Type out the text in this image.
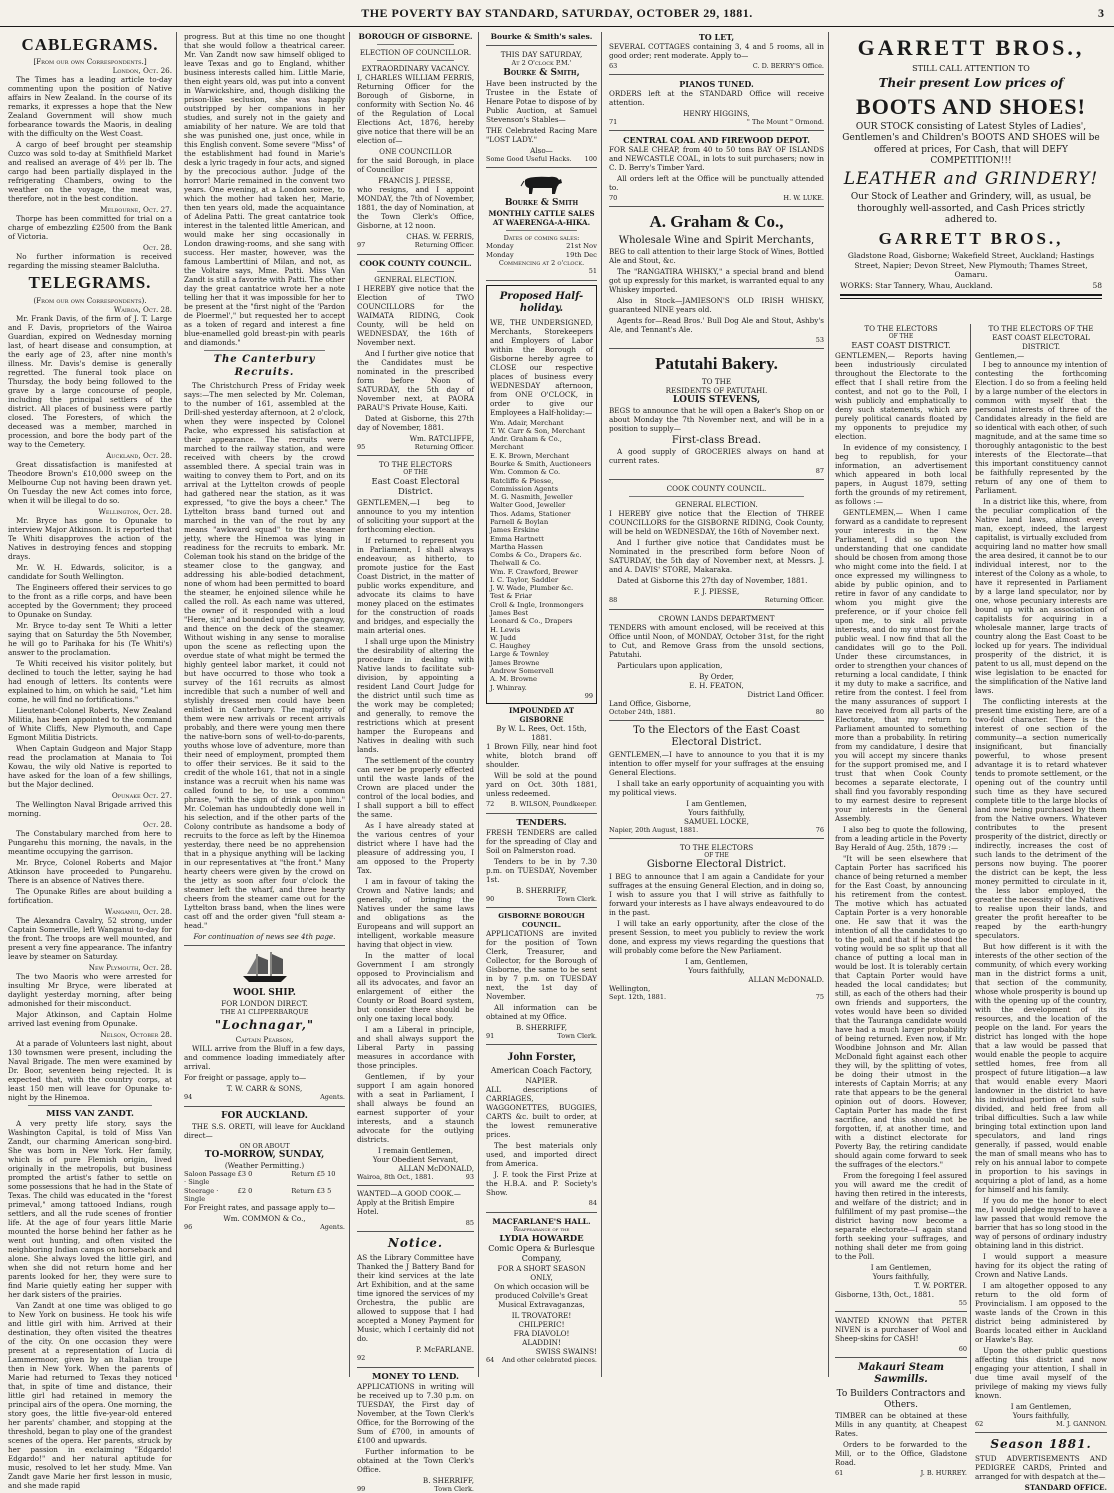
THE POVERTY BAY STANDARD, SATURDAY, OCTOBER 29, 1881.	3
CABLEGRAMS.
[From our own Correspondents.]
London, Oct. 26.

The Times has a leading article to-day commenting upon the position of Native affairs in New Zealand. In the course of its remarks, it expresses a hope that the New Zealand Government will show much forbearance towards the Maoris, in dealing with the difficulty on the West Coast.

A cargo of beef brought per steamship Cuzco was sold to-day at Smithfield Market and realised an average of 4½ per lb. The cargo had been partially displayed in the refrigerating Chambers, owing to the weather on the voyage, the meat was, therefore, not in the best condition.

Melbourne, Oct. 27.

Thorpe has been committed for trial on a charge of embezzling £2500 from the Bank of Victoria.

Oct. 28.

No further information is received regarding the missing steamer Balclutha.

TELEGRAMS.
(From our own Correspondents).
Wairoa, Oct. 28.

Mr. Frank Davis, of the firm of J. T. Large and F. Davis, proprietors of the Wairoa Guardian, expired on Wednesday morning last, of heart disease and consumption, at the early age of 23, after nine month's illness. Mr. Davis's demise is generally regretted. The funeral took place on Thursday, the body being followed to the grave by a large concourse of people, including the principal settlers of the district. All places of business were partly closed. The Foresters, of which the deceased was a member, marched in procession, and bore the body part of the way to the Cemetery.

Auckland, Oct. 28.

Great dissatisfaction is manifested at Theodore Brown's £10,000 sweep on the Melbourne Cup not having been drawn yet. On Tuesday the new Act comes into force, when it will be illegal to do so.

Wellington, Oct. 28.

Mr. Bryce has gone to Opunake to interview Major Atkinson. It is reported that Te Whiti disapproves the action of the Natives in destroying fences and stopping drays.

Mr. W. H. Edwards, solicitor, is a candidate for South Wellington.

The Engineers offered their services to go to the front as a rifle corps, and have been accepted by the Government; they proceed to Opunake on Sunday.

Mr. Bryce to-day sent Te Whiti a letter saying that on Saturday the 5th November, he will go to Parihaka for his (Te Whiti's) answer to the proclamation.

Te Whiti received his visitor politely, but declined to touch the letter, saying he had had enough of letters. Its contents were explained to him, on which he said, "Let him come, he will find no fortifications."

Lieutenant-Colonel Roberts, New Zealand Militia, has been appointed to the command of White Cliffs, New Plymouth, and Cape Egmont Militia Districts.

When Captain Gudgeon and Major Stapp read the proclamation at Manaia to Toi Kowau, the wily old Native is reported to have asked for the loan of a few shillings, but the Major declined.

Opunake Oct. 27.

The Wellington Naval Brigade arrived this morning.

Oct. 28.

The Constabulary marched from here to Pungarehu this morning, the navals, in the meantime occupying the garrison.

Mr. Bryce, Colonel Roberts and Major Atkinson have proceeded to Pungarehu. There is an absence of Natives there.

The Opunake Rifles are about building a fortification.

Wanganui, Oct. 28.

The Alexandra Cavalry, 52 strong, under Captain Somerville, left Wanganui to-day for the front. The troops are well mounted, and present a very fine appearance. The infantry leave by steamer on Saturday.

New Plymouth, Oct. 28.

The two Maoris who were arrested for insulting Mr Bryce, were liberated at daylight yesterday morning, after being admonished for their misconduct.

Major Atkinson, and Captain Holme arrived last evening from Opunake.

Nelson, October 28.

At a parade of Volunteers last night, about 130 townsmen were present, including the Naval Brigade. The men were examined by Dr. Boor, seventeen being rejected. It is expected that, with the country corps, at least 150 men will leave for Opunake to-night by the Hinemoa.

MISS VAN ZANDT.

A very pretty life story, says the Washington Capital, is told of Miss Van Zandt, our charming American song-bird. She was born in New York. Her family, which is of pure Flemish origin, lived originally in the metropolis, but business prompted the artist's father to settle on some possessions that he had in the State of Texas. The child was educated in the "forest primeval," among tattooed Indians, rough settlers, and all the rude scenes of frontier life. At the age of four years little Marie mounted the horse behind her father as he went out hunting, and often visited the neighboring Indian camps on horseback and alone. She always loved the little girl, and when she did not return home and her parents looked for her, they were sure to find Marie quietly eating her supper with her dark sisters of the prairies.

Van Zandt at one time was obliged to go to New York on business. He took his wife and little girl with him. Arrived at their destination, they often visited the theatres of the city. On one occasion they were present at a representation of Lucia di Lammermoor, given by an Italian troupe then in New York. When the parents of Marie had returned to Texas they noticed that, in spite of time and distance, their little girl had retained in memory the principal airs of the opera. One morning, the story goes, the little five-year-old entered her parents' chamber, and stopping at the threshold, began to play one of the grandest scenes of the opera. Her parents, struck by her passion in exclaiming "Edgardo! Edgardo!" and her natural aptitude for music, resolved to let her study. Mme. Van Zandt gave Marie her first lesson in music, and she made rapid

progress. But at this time no one thought that she would follow a theatrical career. Mr. Van Zandt now saw himself obliged to leave Texas and go to England, whither business interests called him. Little Marie, then eight years old, was put into a convent in Warwickshire, and, though disliking the prison-like seclusion, she was happily outstripped by her companions in her studies, and surely not in the gaiety and amiability of her nature. We are told that she was punished one, just once, while in this English convent. Some severe "Miss" of the establishment had found in Marie's desk a lyric tragedy in four acts, and signed by the precocious author. Judge of the horror! Marie remained in the convent two years. One evening, at a London soiree, to which the mother had taken her, Marie, then ten years old, made the acquaintance of Adelina Patti. The great cantatrice took interest in the talented little American, and would make her sing occasionally in London drawing-rooms, and she sang with success. Her master, however, was the famous Lamberttini of Milan, and not, as the Voltaire says, Mme. Patti. Miss Van Zandt is still a favorite with Patti. The other day the great cantatrice wrote her a note telling her that it was impossible for her to be present at the "first night of the 'Pardon de Ploermel'," but requested her to accept as a token of regard and interest a fine blue-enamelled gold breast-pin with pearls and diamonds."

The Canterbury Recruits.

The Christchurch Press of Friday week says:—The men selected by Mr. Coleman, to the number of 161, assembled at the Drill-shed yesterday afternoon, at 2 o'clock, when they were inspected by Colonel Packe, who expressed his satisfaction at their appearance. The recruits were marched to the railway station, and were received with cheers by the crowd assembled there. A special train was in waiting to convey them to Port, and on its arrival at the Lyttelton crowds of people had gathered near the station, as it was expressed, "to give the boys a cheer." The Lyttelton brass band turned out and marched in the van of the rout by any means "awkward squad" to the steamer jetty, where the Hinemoa was lying in readiness for the recruits to embark. Mr. Coleman took his stand on the bridge of the steamer close to the gangway, and addressing his able-bodied detachment, none of whom had been permitted to board the steamer, he enjoined silence while he called the roll. As each name was uttered, the owner of it responded with a loud "Here, sir," and bounded upon the gangway, and thence on the deck of the steamer. Without wishing in any sense to moralise upon the scene as reflecting upon the overdue state of what might be termed the highly genteel labor market, it could not but have occurred to those who took a survey of the 161 recruits as almost incredible that such a number of well and stylishly dressed men could have been enlisted in Canterbury. The majority of them were new arrivals or recent arrivals probably, and there were young men there the native-born sons of well-to-do-parents, youths whose love of adventure, more than their need of employment, prompted them to offer their services. Be it said to the credit of the whole 161, that not in a single instance was a recruit when his name was called found to be, to use a common phrase, "with the sign of drink upon him." Mr. Coleman has undoubtedly done well in his selection, and if the other parts of the Colony contribute as handsome a body of recruits to the force as left by the Hinemoa yesterday, there need be no apprehension that in a physique anything will be lacking in our representatives at "the front." Many hearty cheers were given by the crowd on the jetty as soon after four o'clock the steamer left the wharf, and three hearty cheers from the steamer came out for the Lyttelton brass band, when the lines were cast off and the order given "full steam a-head."

For continuation of news see 4th page.
WOOL SHIP.
FOR LONDON DIRECT.
THE A1 CLIPPERBARQUE
"Lochnagar,"
Captain Pearson,

WILL arrive from the Bluff in a few days, and commence loading immediately after arrival.

For freight or passage, apply to—

T. W. CARR & SONS,
94	Agents.
FOR AUCKLAND.

THE S.S. ORETI, will leave for Auckland direct—

ON OR ABOUT
TO-MORROW, SUNDAY,
(Weather Permitting.)
Saloon Passage · Single
£3 0	Return £5 10
Steerage · Single
£2 0	Return £3 5

For Freight rates, and passage apply to—

Wm. COMMON & Co.,
96	Agents.
BOROUGH OF GISBORNE.
ELECTION OF COUNCILLOR.
EXTRAORDINARY VACANCY.

I, CHARLES WILLIAM FERRIS, Returning Officer for the Borough of Gisborne, in conformity with Section No. 46 of the Regulation of Local Elections Act, 1876, hereby give notice that there will be an election of—

ONE COUNCILLOR

for the said Borough, in place of Councillor

FRANCIS J. PIESSE,

who resigns, and I appoint MONDAY, the 7th of November, 1881, the day of Nomination, at the Town Clerk's Office, Gisborne, at 12 noon.

CHAS. W. FERRIS,
97	Returning Officer.
COOK COUNTY COUNCIL.
GENERAL ELECTION.

I HEREBY give notice that the Election of TWO COUNCILLORS for the WAIMATA RIDING, Cook County, will be held on WEDNESDAY, the 16th of November next.

And I further give notice that the Candidates must be nominated in the prescribed form before Noon of SATURDAY, the 5th day of November next, at PAORA PARAU'S Private House, Kaiti.

Dated at Gisborne, this 27th day of November, 1881.

Wm. RATCLIFFE,
95	Returning Officer.
TO THE ELECTORS
OF THE
East Coast Electoral District.

GENTLEMEN,—I beg to announce to you my intention of soliciting your support at the forthcoming election.

If returned to represent you in Parliament, I shall always endeavour, as hitherto, to promote justice for the East Coast District, in the matter of public works expenditure, and advocate its claims to have money placed on the estimates for the construction of roads and bridges, and especially the main arterial ones.

I shall urge upon the Ministry the desirability of altering the procedure in dealing with Native lands to facilitate sub-division, by appointing a resident Land Court Judge for the district until such time as the work may be completed; and generally, to remove the restrictions which at present hamper the Europeans and Natives in dealing with such lands.

The settlement of the country can never be properly effected until the waste lands of the Crown are placed under the control of the local bodies, and I shall support a bill to effect the same.

As I have already stated at the various centres of your district where I have had the pleasure of addressing you, I am opposed to the Property Tax.

I am in favour of taking the Crown and Native lands; and generally, of bringing the Natives under the same laws and obligations as the Europeans and will support an intelligent, workable measure having that object in view.

In the matter of local Government I am strongly opposed to Provincialism and all its advocates, and favor an enlargement of either the County or Road Board system, but consider there should be only one taxing local body.

I am a Liberal in principle, and shall always support the Liberal Party in passing measures in accordance with those principles.

Gentlemen, if by your support I am again honored with a seat in Parliament, I shall always be found an earnest supporter of your interests, and a staunch advocate for the outlying districts.

I remain Gentlemen,
Your Obedient Servant,
ALLAN McDONALD,
Wairoa, 8th Oct., 1881.	93
WANTED—A GOOD COOK.—Apply at the British Empire Hotel.
85
Notice.

AS the Library Committee have Thanked the J Battery Band for their kind services at the late Art Exhibition, and at the same time ignored the services of my Orchestra, the public are allowed to suppose that I had accepted a Money Payment for Music, which I certainly did not do.

P. McFARLANE.
92
MONEY TO LEND.

APPLICATIONS in writing will be received up to 7.30 p.m. on TUESDAY, the First day of November, at the Town Clerk's Office, for the Borrowing of the Sum of £700, in amounts of £100 and upwards.

Further information to be obtained at the Town Clerk's Office.

B. SHERRIFF,
99	Town Clerk.
Bourke & Smith's sales.
THIS DAY SATURDAY,
At 2 O'clock P.M.'
Bourke & Smith,

Have been instructed by the Trustee in the Estate of Henare Potae to dispose of by Public Auction, at Samuel Stevenson's Stables—

THE Celebrated Racing Mare "LOST LADY."

Also—
Some Good Useful Hacks. 100
Bourke & Smith
MONTHLY CATTLE SALES AT WAERENGA-A-HIKA.
Dates of coming sales:
Monday	21st Nov
Monday	19th Dec
Commencing at 2 o'clock.
51
Proposed Half-holiday.

WE, THE UNDERSIGNED, Merchants, Storekeepers and Employers of Labor within the Borough of Gisborne hereby agree to CLOSE our respective places of business every WEDNESDAY afternoon, from ONE O'CLOCK, in order to give our Employees a Half-holiday:—

Wm. Adair, Merchant
T. W. Carr & Son, Merchant
Andr. Graham & Co., Merchant
E. K. Brown, Merchant
Bourke & Smith, Auctioneers
Wm. Common & Co.
Ratcliffe & Piesse, Commission Agents
M. G. Nasmith, Jeweller
Walter Good, Jeweller
Thos. Adams, Stationer
Parnell & Boylan
James Erskine
Emma Hartnett
Martha Hassen
Combs & Co., Drapers &c.
Thelwall & Co.
Wm. F. Crawford, Brewer
I. C. Taylor, Saddler
J. W. Wade, Plumber &c.
Test & Friar
Croll & Ingle, Ironmongers
James Best
Leonard & Co., Drapers
H. Lewis
W. Judd
C. Haughey
Large & Townley
James Browne
Andrew Somervell
A. M. Browne
J. Whinray.
99
IMPOUNDED AT GISBORNE
By W. L. Rees, Oct. 15th, 1881.

1 Brown Filly, near hind foot white, blotch brand off shoulder.

Will be sold at the pound yard on Oct. 30th 1881, unless redeemed.

72	B. WILSON, Poundkeeper.
TENDERS.

FRESH TENDERS are called for the spreading of Clay and Soil on Palmerston road.

Tenders to be in by 7.30 p.m. on TUESDAY, November 1st.

B. SHERRIFF,
90	Town Clerk.
GISBORNE BOROUGH COUNCIL.

APPLICATIONS are invited for the position of Town Clerk, Treasurer, and Collector, for the Borough of Gisborne, the same to be sent in by 7 p.m. on TUESDAY next, the 1st day of November.

All information can be obtained at my Office.

B. SHERRIFF,
91	Town Clerk.
John Forster,
American Coach Factory,
NAPIER.

ALL descriptions of CARRIAGES, WAGGONETTES, BUGGIES, CARTS &c. built to order, at the lowest remunerative prices.

The best materials only used, and imported direct from America.

J. F. took the First Prize at the H.B.A. and P. Society's Show.

84
MACFARLANE'S HALL.
Reappearance of the
LYDIA HOWARDE
Comic Opera & Burlesque Company,
FOR A SHORT SEASON ONLY,

On which occasion will be produced Colville's Great Musical Extravaganzas,

IL TROVATORE!
CHILPERIC!
FRA DIAVOLO!
ALADDIN!
SWISS SWAINS!
64 And other celebrated pieces.
TO LET,

SEVERAL COTTAGES containing 3, 4 and 5 rooms, all in good order; rent moderate. Apply to—

63	C. D. BERRY'S Office.
PIANOS TUNED.

ORDERS left at the STANDARD Office will receive attention.

HENRY HIGGINS,
71	" The Mount " Ormond.
CENTRAL COAL AND FIREWOOD DEPOT.

FOR SALE CHEAP, from 40 to 50 tons BAY OF ISLANDS and NEWCASTLE COAL, in lots to suit purchasers; now in C. D. Berry's Timber Yard.

All orders left at the Office will be punctually attended to.

70	H. W. LUKE.
A. Graham & Co.,
Wholesale Wine and Spirit Merchants,

BEG to call attention to their large Stock of Wines, Bottled Ale and Stout, &c.

The "RANGATIRA WHISKY," a special brand and blend got up expressly for this market, is warranted equal to any Whiskey imported.

Also in Stock—JAMIESON'S OLD IRISH WHISKY, guaranteed NINE years old.

Agents for—Read Bros.' Bull Dog Ale and Stout, Ashby's Ale, and Tennant's Ale.

53
Patutahi Bakery.
TO THE
RESIDENTS OF PATUTAHI.
LOUIS STEVENS,

BEGS to announce that he will open a Baker's Shop on or about Monday the 7th November next, and will be in a position to supply—

First-class Bread.

A good supply of GROCERIES always on hand at current rates.

87
COOK COUNTY COUNCIL.
GENERAL ELECTION.

I HEREBY give notice that the Election of THREE COUNCILLORS for the GISBORNE RIDING, Cook County, will be held on WEDNESDAY, the 16th of November next.

And I further give notice that Candidates must be Nominated in the prescribed form before Noon of SATURDAY, the 5th day of November next, at Messrs. J. and A. DAVIS' STORE, Makaraka.

Dated at Gisborne this 27th day of November, 1881.

F. J. PIESSE,
88	Returning Officer.
CROWN LANDS DEPARTMENT

TENDERS with amount enclosed, will be received at this Office until Noon, of MONDAY, October 31st, for the right to Cut, and Remove Grass from the unsold sections, Patutahi.

Particulars upon application,

By Order,
E. H. FEATON,
District Land Officer.
Land Office, Gisborne,
October 24th, 1881.	80
To the Electors of the East Coast Electoral District.

GENTLEMEN,—I have to announce to you that it is my intention to offer myself for your suffrages at the ensuing General Elections.

I shall take an early opportunity of acquainting you with my political views.

I am Gentlemen,
Yours faithfully,
SAMUEL LOCKE,
Napier, 20th August, 1881.	76
TO THE ELECTORS
OF THE
Gisborne Electoral District.

I BEG to announce that I am again a Candidate for your suffrages at the ensuing General Election, and in doing so, I wish to assure you that I will strive as faithfully to forward your interests as I have always endeavoured to do in the past.

I will take an early opportunity, after the close of the present Session, to meet you publicly to review the work done, and express my views regarding the questions that will probably come before the New Parliament.

I am, Gentlemen,
Yours faithfully,
ALLAN McDONALD.
Wellington,
Sept. 12th, 1881.	75
GARRETT BROS.,
STILL CALL ATTENTION TO
Their present Low prices of
BOOTS AND SHOES!

OUR STOCK consisting of Latest Styles of Ladies', Gentlemen's and Children's BOOTS AND SHOES will be offered at prices, For Cash, that will DEFY COMPETITION!!!

LEATHER and GRINDERY!

Our Stock of Leather and Grindery, will, as usual, be thoroughly well-assorted, and Cash Prices strictly adhered to.

GARRETT BROS.,

Gladstone Road, Gisborne; Wakefield Street, Auckland; Hastings Street, Napier; Devon Street, New Plymouth; Thames Street, Oamaru.

WORKS: Star Tannery, Whau, Auckland.	58
TO THE ELECTORS
OF THE
EAST COAST DISTRICT.

GENTLEMEN,— Reports having been industriously circulated throughout the Electorate to the effect that I shall retire from the contest, and not go to the Poll, I wish publicly and emphatically to deny such statements, which are purely political canards floated by my opponents to prejudice my election.

In evidence of my consistency, I beg to republish, for your information, an advertisement which appeared in both local papers, in August 1879, setting forth the grounds of my retirement, as follows :—

GENTLEMEN,— When I came forward as a candidate to represent your interests in the New Parliament, I did so upon the understanding that one candidate should be chosen from among those who might come into the field. I at once expressed my willingness to abide by public opinion, and to retire in favor of any candidate to whom you might give the preference, or if your choice fell upon me, to sink all private interests, and do my utmost for the public weal. I now find that all the candidates will go to the Poll. Under these circumstances, in order to strengthen your chances of returning a local candidate, I think it my duty to make a sacrifice, and retire from the contest. I feel from the many assurances of support I have received from all parts of the Electorate, that my return to Parliament amounted to something more than a probability. In retiring from my candidature, I desire that you will accept my sincere thanks for the support promised me, and I trust that when Cook County becomes a separate electorate, I shall find you favorably responding to my earnest desire to represent your interests in the General Assembly.

I also beg to quote the following, from a leading article in the Poverty Bay Herald of Aug. 25th, 1879 :—

"It will be seen elsewhere that Captain Porter has sacrificed his chance of being returned a member for the East Coast, by announcing his retirement from the contest. The motive which has actuated Captain Porter is a very honorable one. He saw that it was the intention of all the candidates to go to the poll, and that if he stood the voting would be so split up that all chance of putting a local man in would be lost. It is tolerably certain that Captain Porter would have headed the local candidates; but still, as each of the others had their own friends and supporters, the votes would have been so divided that the Tauranga candidate would have had a much larger probability of being returned. Even now, if Mr. Woodbine Johnson and Mr. Allan McDonald fight against each other they will, by the splitting of votes, be doing their utmost in the interests of Captain Morris; at any rate that appears to be the general opinion out of doors. However, Captain Porter has made the first sacrifice, and this should not be forgotten, if, at another time, and with a distinct electorate for Poverty Bay, the retiring candidate should again come forward to seek the suffrages of the electors."

From the foregoing I feel assured you will award me the credit of having then retired in the interests, and welfare of the district; and in fulfillment of my past promise—the district having now become a separate electorate—I again stand forth seeking your suffrages, and nothing shall deter me from going to the Poll.

I am Gentlemen,
Yours faithfully,
T. W. PORTER.
Gisborne, 13th, Oct., 1881.
55

WANTED KNOWN that PETER NIVEN is a purchaser of Wool and Sheep-skins for CASH!

60
Makauri Steam Sawmills.
To Builders Contractors and Others.

TIMBER can be obtained at these Mills in any quantity, at Cheapest Rates.

Orders to be forwarded to the Mill, or to the Office, Gladstone Road.

61	J. B. HURREY.
TO THE ELECTORS OF THE
EAST COAST ELECTORAL DISTRICT.
Gentlemen,—

I beg to announce my intention of contesting the forthcoming Election. I do so from a feeling held by a large number of the electors in common with myself that the personal interests of three of the Candidates already in the field are so identical with each other, of such magnitude, and at the same time so thoroughly antagonistic to the best interests of the Electorate—that this important constituency cannot be faithfully represented by the return of any one of them to Parliament.

In a district like this, where, from the peculiar complication of the Native land laws, almost every man, except, indeed, the largest capitalist, is virtually excluded from acquiring land no matter how small the area desired, it cannot be to our individual interest, nor to the interest of the Colony as a whole, to have it represented in Parliament by a large land speculator, nor by one, whose pecuniary interests are bound up with an association of capitalists for acquiring in a wholesale manner, large tracts of country along the East Coast to be locked up for years. The individual prosperity of the district, it is patent to us all, must depend on the wise legislation to be enacted for the simplification of the Native land laws.

The conflicting interests at the present time existing here, are of a two-fold character. There is the interest of one section of the community—a section numerically insignificant, but financially powerful, to whose present advantage it is to retard whatever tends to promote settlement, or the opening out of the country until such time as they have secured complete title to the large blocks of land now being purchased by them from the Native owners. Whatever contributes to the present prosperity of the district, directly or indirectly, increases the cost of such lands to the detriment of the persons now buying. The poorer the district can be kept, the less money permitted to circulate in it, the less labor employed, the greater the necessity of the Natives to realise upon their lands, and greater the profit hereafter to be reaped by the earth-hungry speculators.

But how different is it with the interests of the other section of the community, of which every working man in the district forms a unit, that section of the community, whose whole prosperity is bound up with the opening up of the country, with the development of its resources, and the location of the people on the land. For years the district has longed with the hope that a law would be passed that would enable the people to acquire settled homes, free from all prospect of future litigation—a law that would enable every Maori landowner in the district to have his individual portion of land sub-divided, and held free from all tribal difficulties. Such a law while bringing total extinction upon land speculators, and land rings generally, if passed, would enable the man of small means who has to rely on his annual labor to compete in proportion to his savings in acquiring a plot of land, as a home for himself and his family.

If you do me the honor to elect me, I would pledge myself to have a law passed that would remove the barrier that has so long stood in the way of persons of ordinary industry obtaining land in this district.

I would support a measure having for its object the rating of Crown and Native Lands.

I am altogether opposed to any return to the old form of Provincialism. I am opposed to the waste lands of the Crown in this district being administered by Boards located either in Auckland or Hawke's Bay.

Upon the other public questions affecting this district and now engaging your attention, I shall in due time avail myself of the privilege of making my views fully known.

I am Gentlemen,
Yours faithfully,
62	M. J. GANNON.
Season 1881.

STUD ADVERTISEMENTS AND PEDIGREE CARDS, Printed and arranged for with despatch at the—

STANDARD OFFICE.
